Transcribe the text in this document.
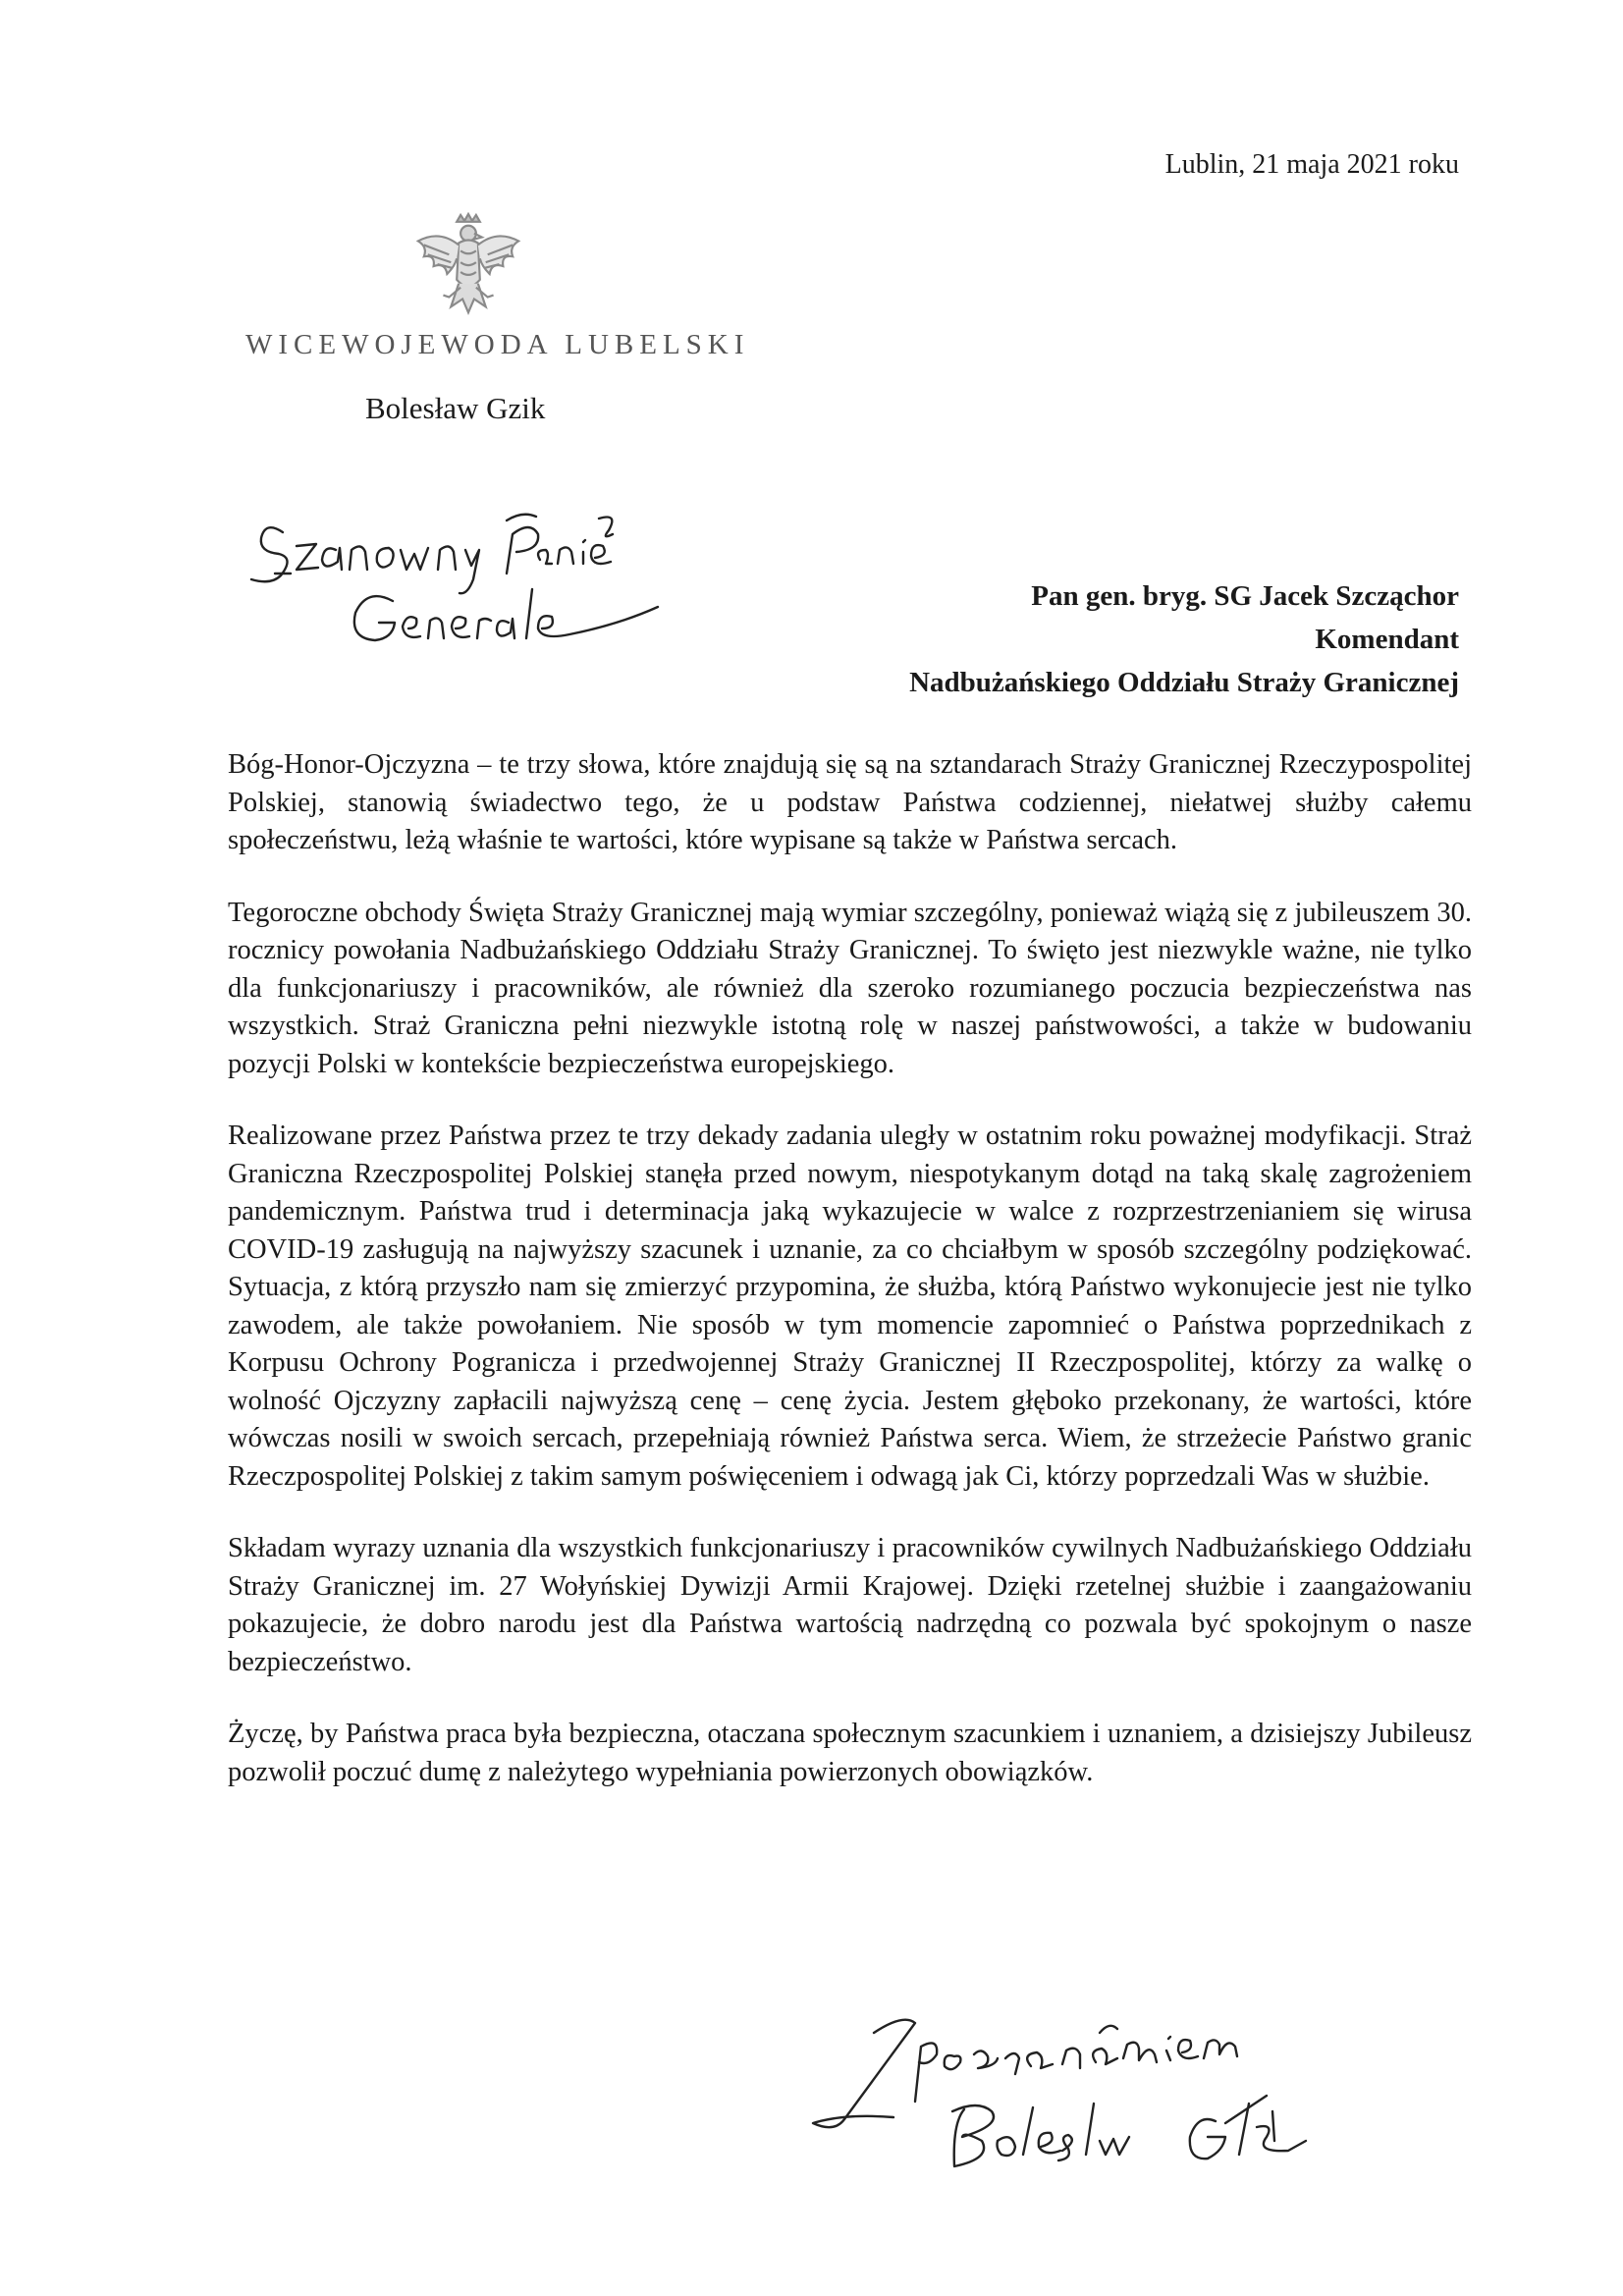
Lublin, 21 maja 2021 roku
WICEWOJEWODA LUBELSKI
Bolesław Gzik
Pan gen. bryg. SG Jacek Szcząchor
Komendant
Nadbużańskiego Oddziału Straży Granicznej

Bóg-Honor-Ojczyzna – te trzy słowa, które znajdują się są na sztandarach Straży Granicznej Rzeczypospolitej Polskiej, stanowią świadectwo tego, że u podstaw Państwa codziennej, niełatwej służby całemu społeczeństwu, leżą właśnie te wartości, które wypisane są także w Państwa sercach.

Tegoroczne obchody Święta Straży Granicznej mają wymiar szczególny, ponieważ wiążą się z jubileuszem 30. rocznicy powołania Nadbużańskiego Oddziału Straży Granicznej. To święto jest niezwykle ważne, nie tylko dla funkcjonariuszy i pracowników, ale również dla szeroko rozumianego poczucia bezpieczeństwa nas wszystkich. Straż Graniczna pełni niezwykle istotną rolę w naszej państwowości, a także w budowaniu pozycji Polski w kontekście bezpieczeństwa europejskiego.

Realizowane przez Państwa przez te trzy dekady zadania uległy w ostatnim roku poważnej modyfikacji. Straż Graniczna Rzeczpospolitej Polskiej stanęła przed nowym, niespotykanym dotąd na taką skalę zagrożeniem pandemicznym. Państwa trud i determinacja jaką wykazujecie w walce z rozprzestrzenianiem się wirusa COVID-19 zasługują na najwyższy szacunek i uznanie, za co chciałbym w sposób szczególny podziękować. Sytuacja, z którą przyszło nam się zmierzyć przypomina, że służba, którą Państwo wykonujecie jest nie tylko zawodem, ale także powołaniem. Nie sposób w tym momencie zapomnieć o Państwa poprzednikach z Korpusu Ochrony Pogranicza i przedwojennej Straży Granicznej II Rzeczpospolitej, którzy za walkę o wolność Ojczyzny zapłacili najwyższą cenę – cenę życia. Jestem głęboko przekonany, że wartości, które wówczas nosili w swoich sercach, przepełniają również Państwa serca. Wiem, że strzeżecie Państwo granic Rzeczpospolitej Polskiej z takim samym poświęceniem i odwagą jak Ci, którzy poprzedzali Was w służbie.

Składam wyrazy uznania dla wszystkich funkcjonariuszy i pracowników cywilnych Nadbużańskiego Oddziału Straży Granicznej im. 27 Wołyńskiej Dywizji Armii Krajowej. Dzięki rzetelnej służbie i zaangażowaniu pokazujecie, że dobro narodu jest dla Państwa wartością nadrzędną co pozwala być spokojnym o nasze bezpieczeństwo.

Życzę, by Państwa praca była bezpieczna, otaczana społecznym szacunkiem i uznaniem, a dzisiejszy Jubileusz pozwolił poczuć dumę z należytego wypełniania powierzonych obowiązków.
